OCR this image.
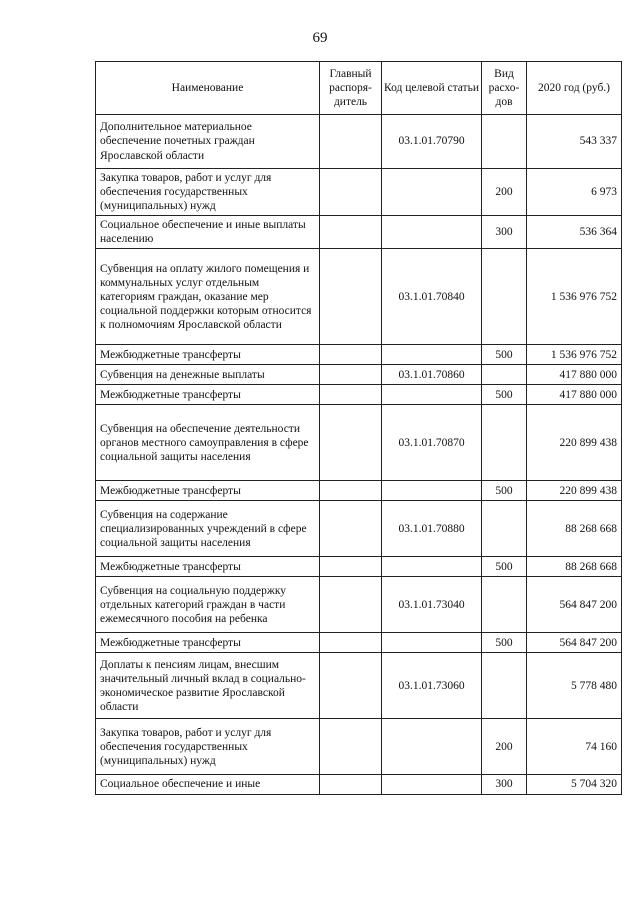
69
Наименование	Главный распоря-дитель	Код целевой статьи	Вид расхо-дов	2020 год (руб.)
Дополнительное материальное обеспечение почетных граждан Ярославской области		03.1.01.70790		543 337
Закупка товаров, работ и услуг для обеспечения государственных (муниципальных) нужд			200	6 973
Социальное обеспечение и иные выплаты населению			300	536 364
Субвенция на оплату жилого помещения и коммунальных услуг отдельным категориям граждан, оказание мер социальной поддержки которым относится к полномочиям Ярославской области		03.1.01.70840		1 536 976 752
Межбюджетные трансферты			500	1 536 976 752
Субвенция на денежные выплаты		03.1.01.70860		417 880 000
Межбюджетные трансферты			500	417 880 000
Субвенция на обеспечение деятельности органов местного самоуправления в сфере социальной защиты населения		03.1.01.70870		220 899 438
Межбюджетные трансферты			500	220 899 438
Субвенция на содержание специализированных учреждений в сфере социальной защиты населения		03.1.01.70880		88 268 668
Межбюджетные трансферты			500	88 268 668
Субвенция на социальную поддержку отдельных категорий граждан в части ежемесячного пособия на ребенка		03.1.01.73040		564 847 200
Межбюджетные трансферты			500	564 847 200
Доплаты к пенсиям лицам, внесшим значительный личный вклад в социально-экономическое развитие Ярославской области		03.1.01.73060		5 778 480
Закупка товаров, работ и услуг для обеспечения государственных (муниципальных) нужд			200	74 160
Социальное обеспечение и иные			300	5 704 320
